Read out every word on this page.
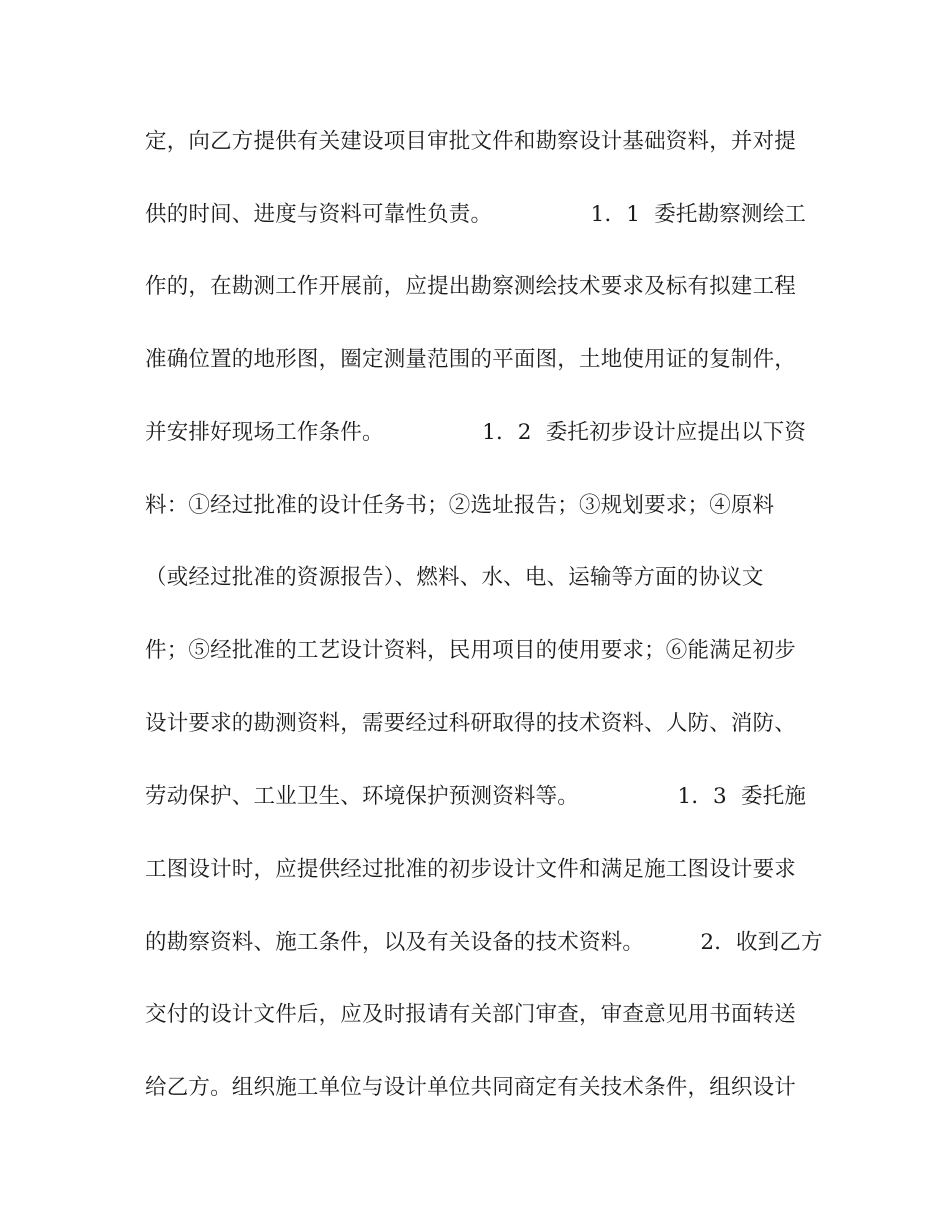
定，向乙方提供有关建设项目审批文件和勘察设计基础资料，并对提
供的时间、进度与资料可靠性负责。              1．1  委托勘察测绘工
作的，在勘测工作开展前，应提出勘察测绘技术要求及标有拟建工程
准确位置的地形图，圈定测量范围的平面图，土地使用证的复制件，
并安排好现场工作条件。              1．2  委托初步设计应提出以下资
料：①经过批准的设计任务书；②选址报告；③规划要求；④原料
（或经过批准的资源报告）、燃料、水、电、运输等方面的协议文
件；⑤经批准的工艺设计资料，民用项目的使用要求；⑥能满足初步
设计要求的勘测资料，需要经过科研取得的技术资料、人防、消防、
劳动保护、工业卫生、环境保护预测资料等。              1．3  委托施
工图设计时，应提供经过批准的初步设计文件和满足施工图设计要求
的勘察资料、施工条件，以及有关设备的技术资料。        2．收到乙方
交付的设计文件后，应及时报请有关部门审查，审查意见用书面转送
给乙方。组织施工单位与设计单位共同商定有关技术条件，组织设计
